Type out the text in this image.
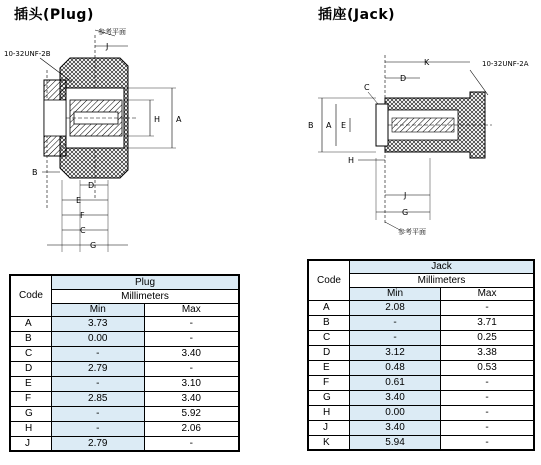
插头(Plug)	插座(Jack)
10-32UNF-2B
参考平面
J
H A
B
D
E
F
C
G
10-32UNF-2A
K
D
C
B A E
H
J
G
参考平面
Code	Plug	
	Millimeters	
	Min	Max
A	3.73	-
B	0.00	-
C	-	3.40
D	2.79	-
E	-	3.10
F	2.85	3.40
G	-	5.92
H	-	2.06
J	2.79	-
Code	Jack	
	Millimeters	
	Min	Max
A	2.08	-
B	-	3.71
C	-	0.25
D	3.12	3.38
E	0.48	0.53
F	0.61	-
G	3.40	-
H	0.00	-
J	3.40	-
K	5.94	-
